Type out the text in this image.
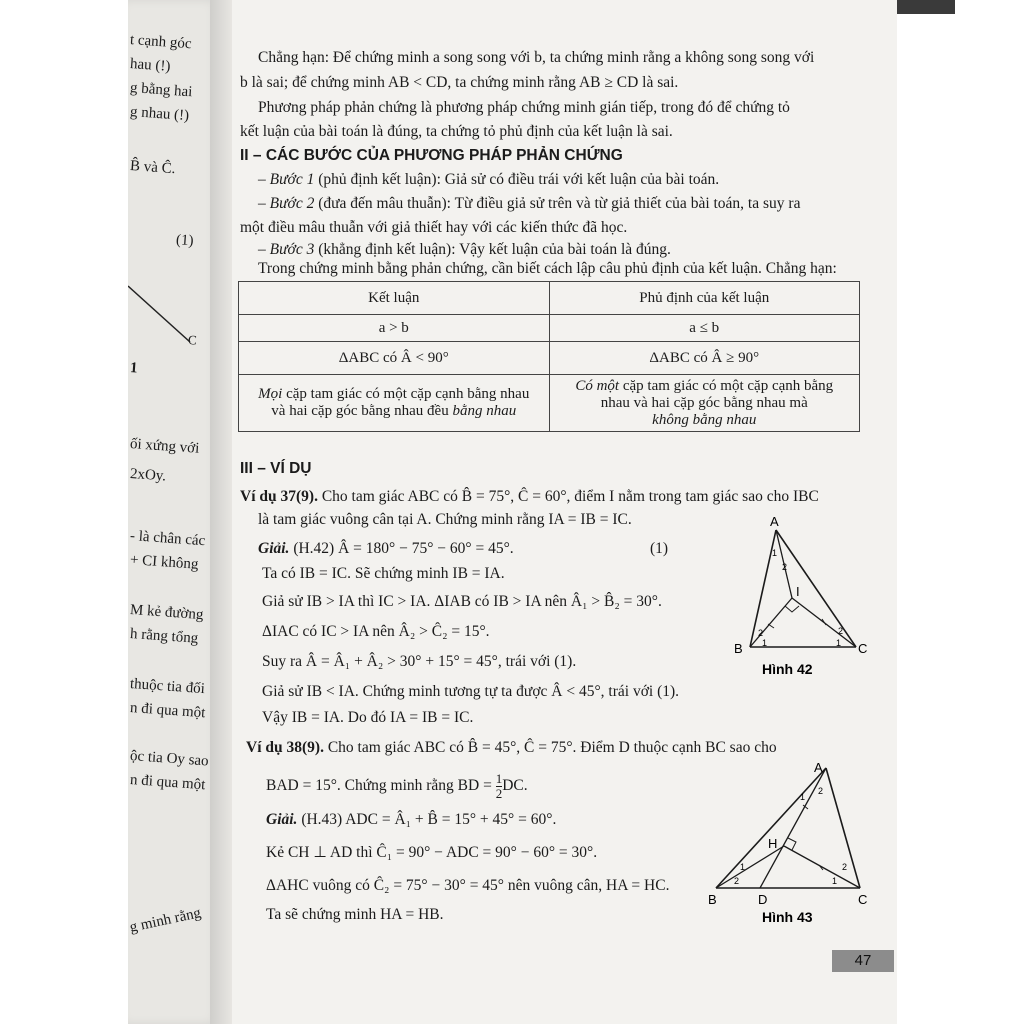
t cạnh góc
hau (!)
g bằng hai
g nhau (!)
B̂ và Ĉ.
(1)
C
1
ối xứng với
2xOy.
- là chân các
+ CI không
M kẻ đường
h rằng tổng
thuộc tia đối
n đi qua một
ộc tia Oy sao
n đi qua một
g minh rằng
Chẳng hạn: Để chứng minh a song song với b, ta chứng minh rằng a không song song với
b là sai; để chứng minh AB < CD, ta chứng minh rằng AB ≥ CD là sai.
Phương pháp phản chứng là phương pháp chứng minh gián tiếp, trong đó để chứng tỏ
kết luận của bài toán là đúng, ta chứng tỏ phủ định của kết luận là sai.
II – CÁC BƯỚC CỦA PHƯƠNG PHÁP PHẢN CHỨNG
– Bước 1 (phủ định kết luận): Giả sử có điều trái với kết luận của bài toán.
– Bước 2 (đưa đến mâu thuẫn): Từ điều giả sử trên và từ giả thiết của bài toán, ta suy ra
một điều mâu thuẫn với giả thiết hay với các kiến thức đã học.
– Bước 3 (khẳng định kết luận): Vậy kết luận của bài toán là đúng.
Trong chứng minh bằng phản chứng, cần biết cách lập câu phủ định của kết luận. Chẳng hạn:
Kết luận	Phủ định của kết luận
a > b	a ≤ b
ΔABC có Â < 90°	ΔABC có Â ≥ 90°
Mọi cặp tam giác có một cặp cạnh bằng nhau
và hai cặp góc bằng nhau đều bằng nhau	Có một cặp tam giác có một cặp cạnh bằng
nhau và hai cặp góc bằng nhau mà
không bằng nhau
III – VÍ DỤ
Ví dụ 37(9). Cho tam giác ABC có B̂ = 75°, Ĉ = 60°, điểm I nằm trong tam giác sao cho IBC
là tam giác vuông cân tại A. Chứng minh rằng IA = IB = IC.
Giải. (H.42) Â = 180° − 75° − 60° = 45°.	(1)
Ta có IB = IC. Sẽ chứng minh IB = IA.
Giả sử IB > IA thì IC > IA. ΔIAB có IB > IA nên Â₁ > B̂₂ = 30°.
ΔIAC có IC > IA nên Â₂ > Ĉ₂ = 15°.
Suy ra Â = Â₁ + Â₂ > 30° + 15° = 45°, trái với (1).
Giả sử IB < IA. Chứng minh tương tự ta được Â < 45°, trái với (1).
Vậy IB = IA. Do đó IA = IB = IC.
Ví dụ 38(9). Cho tam giác ABC có B̂ = 45°, Ĉ = 75°. Điểm D thuộc cạnh BC sao cho
BAD = 15°. Chứng minh rằng BD = $\frac{1}{2}$ DC.
Giải. (H.43) ADC = Â₁ + B̂ = 15° + 45° = 60°.
Kẻ CH ⊥ AD thì Ĉ₁ = 90° − ADC = 90° − 60° = 30°.
ΔAHC vuông có Ĉ₂ = 75° − 30° = 45° nên vuông cân, HA = HC.
Ta sẽ chứng minh HA = HB.
A
B	C
I
1
2
2
1	1
2
Hình 42
A
B	C
D
H
1
2
1
2	1
2
Hình 43
47
